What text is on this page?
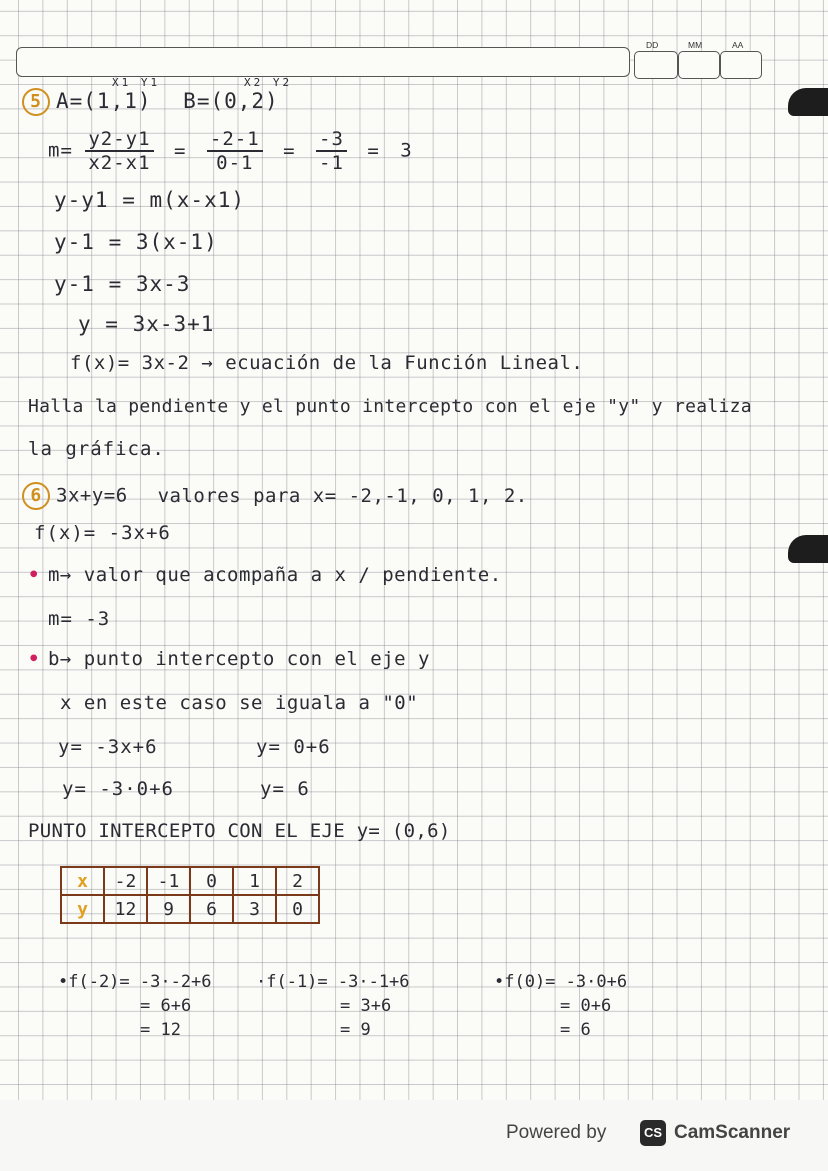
DD	MM	AA
X1 Y1	X2 Y2
5 A=(1,1) B=(0,2)
$m= \frac{y2-y1}{x2-x1} = \frac{-2-1}{0-1} = \frac{-3}{-1} = 3$
y-y1 = m(x-x1)
y-1 = 3(x-1)
y-1 = 3x-3
y = 3x-3+1
f(x)= 3x-2 → ecuación de la Función Lineal.
Halla la pendiente y el punto intercepto con el eje "y" y realiza
la gráfica.
6 3x+y=6 valores para x= -2,-1, 0, 1, 2.
f(x)= -3x+6
• m→ valor que acompaña a x / pendiente.
m= -3
• b→ punto intercepto con el eje y
x en este caso se iguala a "0"
y= -3x+6	y= 0+6
y= -3·0+6	y= 6
PUNTO INTERCEPTO CON EL EJE y= (0,6)
x	-2	-1	0	1	2
y	12	9	6	3	0
•f(-2)= -3·-2+6
= 6+6
= 12
·f(-1)= -3·-1+6
= 3+6
= 9
•f(0)= -3·0+6
= 0+6
= 6
Powered by	CS CamScanner
